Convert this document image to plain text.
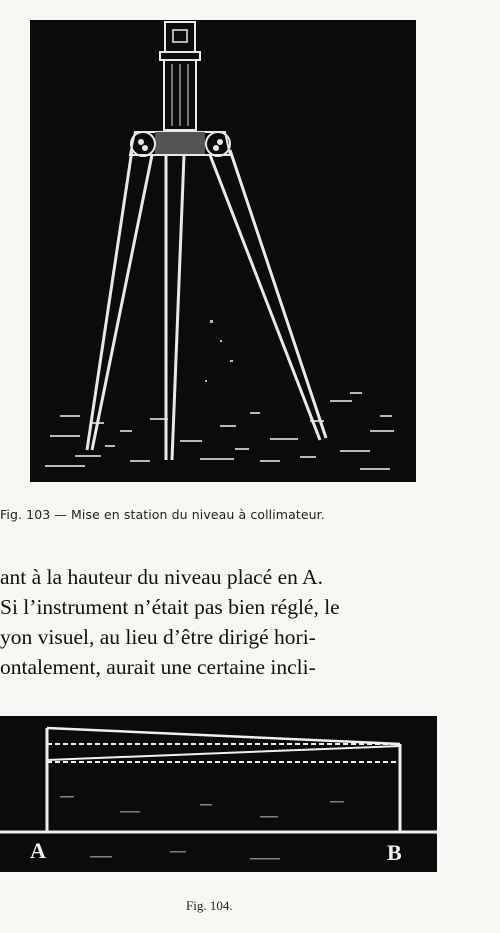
Fig. 103 — Mise en station du niveau à collimateur.
ant à la hauteur du niveau placé en A.
Si l’instrument n’était pas bien réglé, le
yon visuel, au lieu d’être dirigé hori-
ontalement, aurait une certaine incli-
A	B
Fig. 104.
